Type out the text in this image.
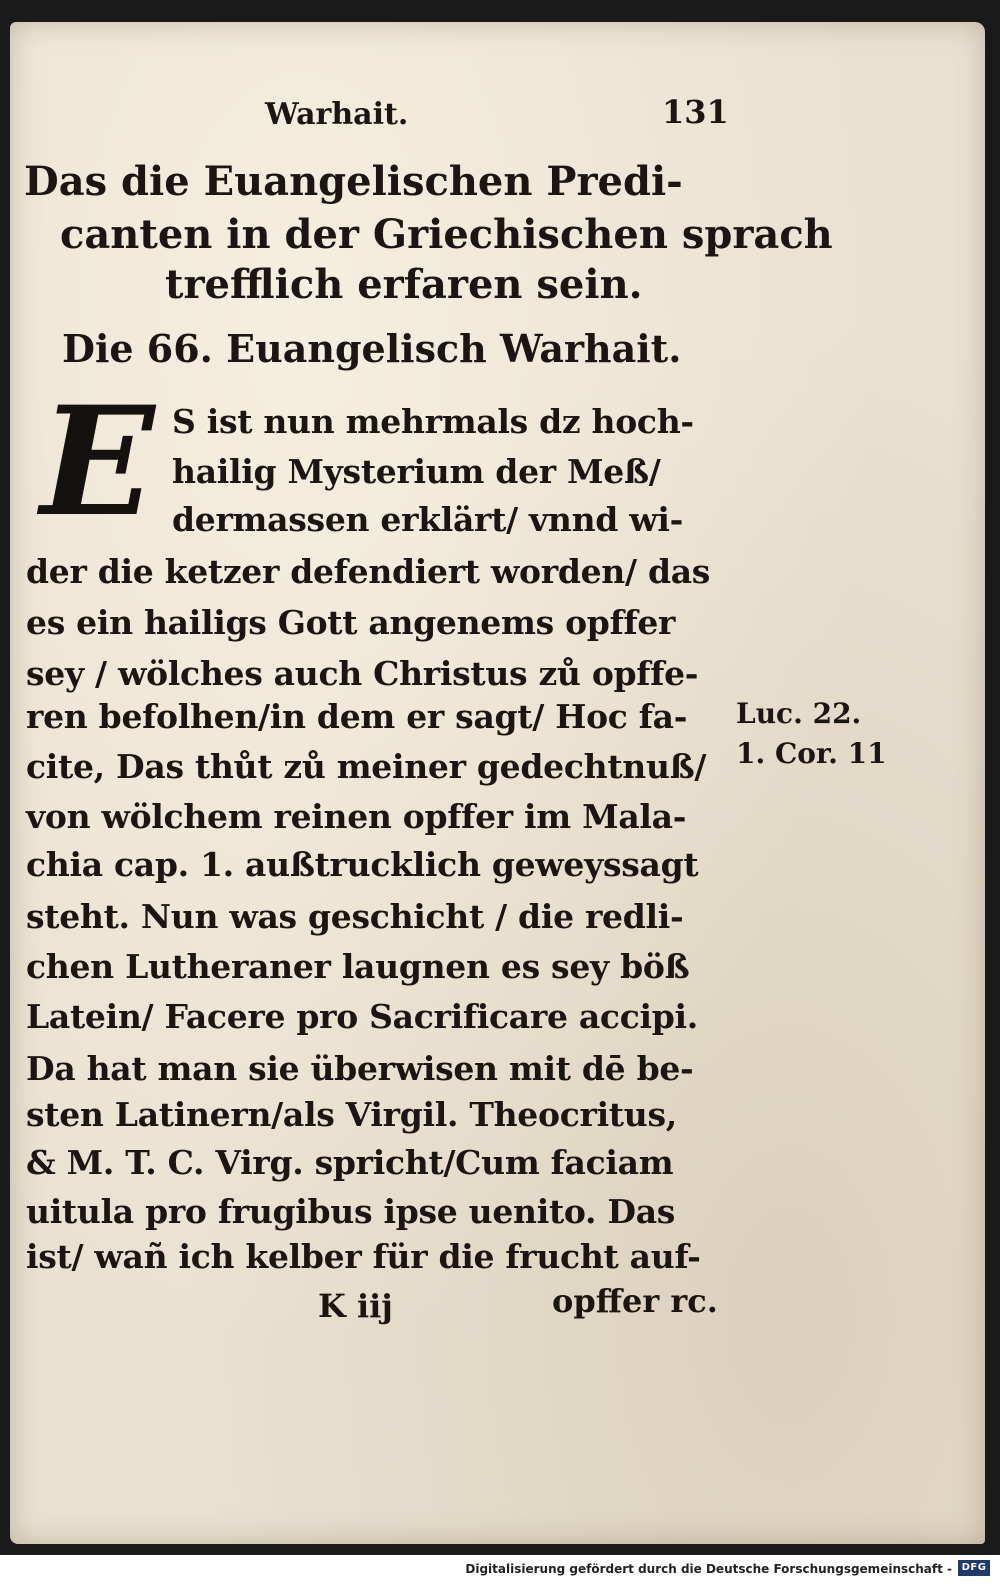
Warhait.	131
Das die Euangelischen Predi-
canten in der Griechischen sprach
trefflich erfaren sein.
Die 66. Euangelisch Warhait.
E S ist nun mehrmals dz hoch-
hailig Mysterium der Meß/
dermassen erklärt/ vnnd wi-
der die ketzer defendiert worden/ das
es ein hailigs Gott angenems opffer
sey / wölches auch Christus zů opffe-
ren befolhen/in dem er sagt/ Hoc fa-
cite, Das thůt zů meiner gedechtnuß/
von wölchem reinen opffer im Mala-
chia cap. 1. außtrucklich geweyssagt
steht. Nun was geschicht / die redli-
chen Lutheraner laugnen es sey böß
Latein/ Facere pro Sacrificare accipi.
Da hat man sie überwisen mit dē be-
sten Latinern/als Virgil. Theocritus,
& M. T. C. Virg. spricht/Cum faciam
uitula pro frugibus ipse uenito. Das
ist/ wañ ich kelber für die frucht auf-
Luc. 22.
1. Cor. 11
K iij	opffer rc.
Digitalisierung gefördert durch die Deutsche Forschungsgemeinschaft - DFG
